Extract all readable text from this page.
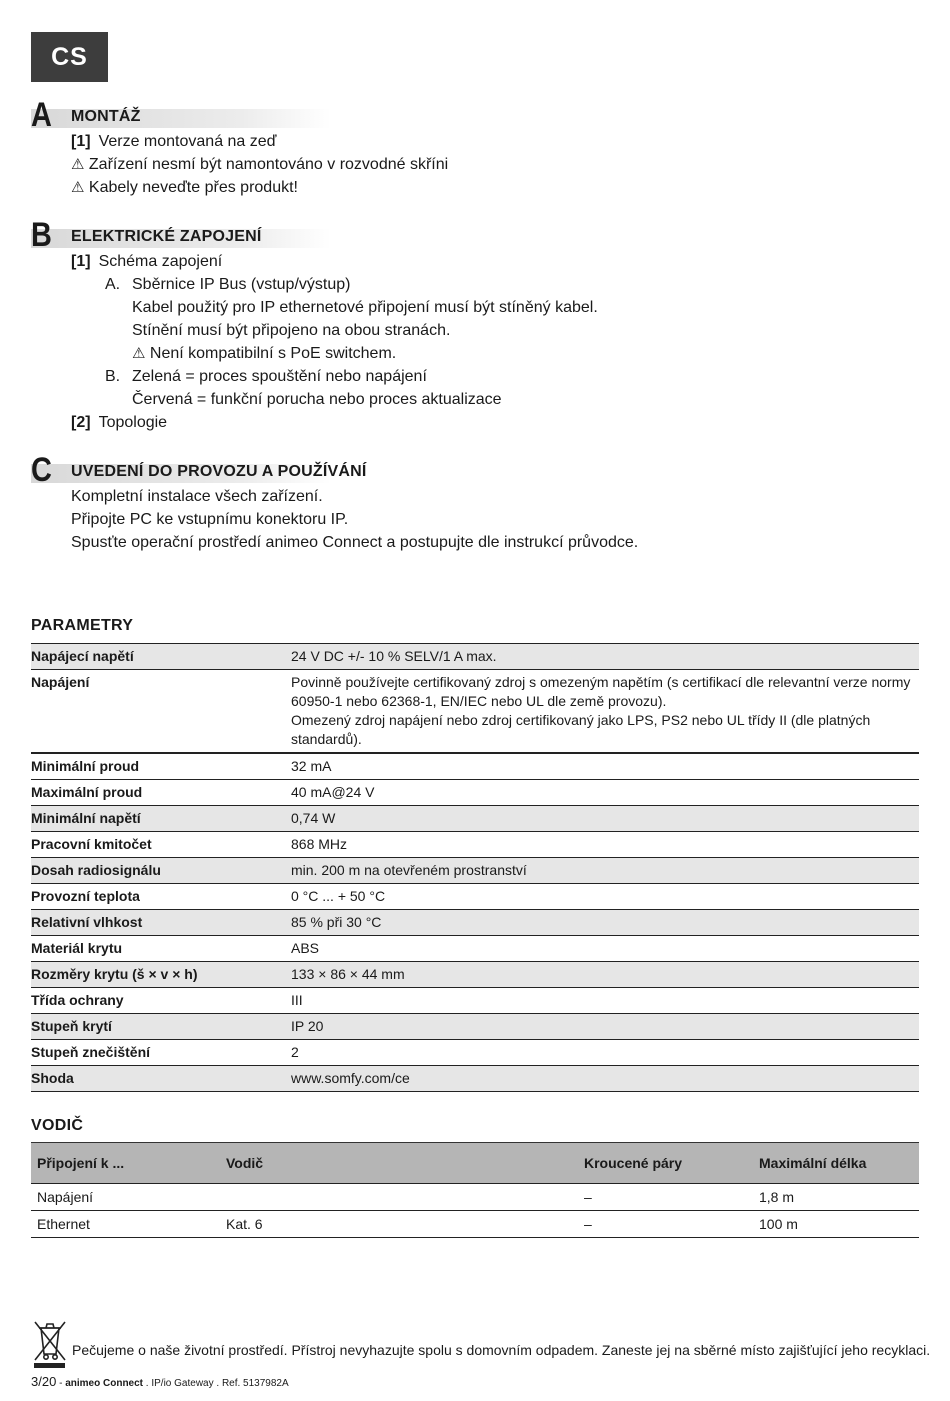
CS
A MONTÁŽ
[1] Verze montovaná na zeď
⚠ Zařízení nesmí být namontováno v rozvodné skříni
⚠ Kabely neveďte přes produkt!
B ELEKTRICKÉ ZAPOJENÍ
[1] Schéma zapojení
A. Sběrnice IP Bus (vstup/výstup)
Kabel použitý pro IP ethernetové připojení musí být stíněný kabel.
Stínění musí být připojeno na obou stranách.
⚠ Není kompatibilní s PoE switchem.
B. Zelená = proces spouštění nebo napájení
Červená = funkční porucha nebo proces aktualizace
[2] Topologie
C UVEDENÍ DO PROVOZU A POUŽÍVÁNÍ
Kompletní instalace všech zařízení.
Připojte PC ke vstupnímu konektoru IP.
Spusťte operační prostředí animeo Connect a postupujte dle instrukcí průvodce.
PARAMETRY
Napájecí napětí	24 V DC +/- 10 % SELV/1 A max.
Napájení	Povinně používejte certifikovaný zdroj s omezeným napětím (s certifikací dle relevantní verze normy 60950-1 nebo 62368-1, EN/IEC nebo UL dle země provozu).
Omezený zdroj napájení nebo zdroj certifikovaný jako LPS, PS2 nebo UL třídy II (dle platných standardů).

Minimální proud	32 mA
Maximální proud	40 mA@24 V
Minimální napětí	0,74 W
Pracovní kmitočet	868 MHz
Dosah radiosignálu	min. 200 m na otevřeném prostranství
Provozní teplota	0 °C ... + 50 °C
Relativní vlhkost	85 % při 30 °C
Materiál krytu	ABS
Rozměry krytu (š × v × h)	133 × 86 × 44 mm
Třída ochrany	III
Stupeň krytí	IP 20
Stupeň znečištění	2
Shoda	www.somfy.com/ce
VODIČ
Připojení k ...	Vodič	Kroucené páry	Maximální délka
Napájení		–	1,8 m
Ethernet	Kat. 6	–	100 m
Pečujeme o naše životní prostředí. Přístroj nevyhazujte spolu s domovním odpadem. Zaneste jej na sběrné místo zajišťující jeho recyklaci.
3/20 - animeo Connect . IP/io Gateway . Ref. 5137982A
